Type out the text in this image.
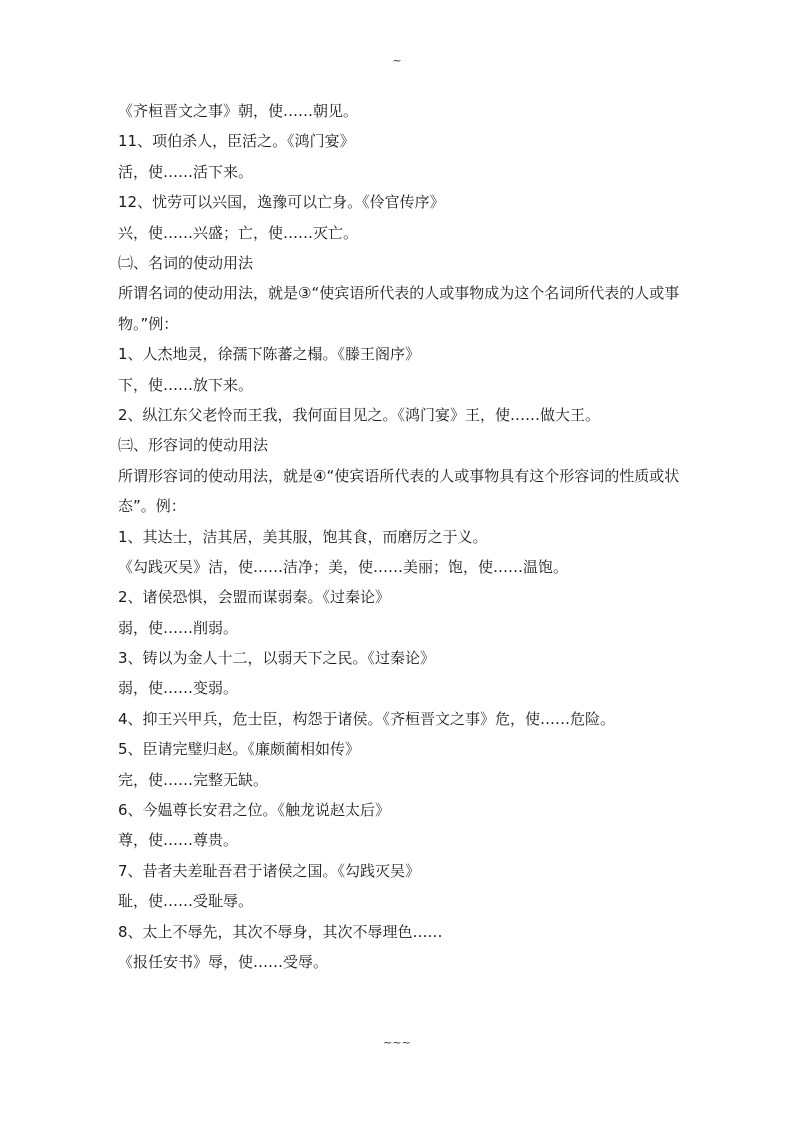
~
《齐桓晋文之事》朝，使……朝见。
11、项伯杀人，臣活之。《鸿门宴》
活，使……活下来。
12、忧劳可以兴国，逸豫可以亡身。《伶官传序》
兴，使……兴盛；亡，使……灭亡。
㈡、名词的使动用法
所谓名词的使动用法，就是③“使宾语所代表的人或事物成为这个名词所代表的人或事物。”例：
1、人杰地灵，徐孺下陈蕃之榻。《滕王阁序》
下，使……放下来。
2、纵江东父老怜而王我，我何面目见之。《鸿门宴》王，使……做大王。
㈢、形容词的使动用法
所谓形容词的使动用法，就是④“使宾语所代表的人或事物具有这个形容词的性质或状态”。例：
1、其达士，洁其居，美其服，饱其食，而磨厉之于义。
《勾践灭吴》洁，使……洁净；美，使……美丽；饱，使……温饱。
2、诸侯恐惧，会盟而谋弱秦。《过秦论》
弱，使……削弱。
3、铸以为金人十二，以弱天下之民。《过秦论》
弱，使……变弱。
4、抑王兴甲兵，危士臣，构怨于诸侯。《齐桓晋文之事》危，使……危险。
5、臣请完璧归赵。《廉颇蔺相如传》
完，使……完整无缺。
6、今媪尊长安君之位。《触龙说赵太后》
尊，使……尊贵。
7、昔者夫差耻吾君于诸侯之国。《勾践灭吴》
耻，使……受耻辱。
8、太上不辱先，其次不辱身，其次不辱理色……
《报任安书》辱，使……受辱。
~~~
